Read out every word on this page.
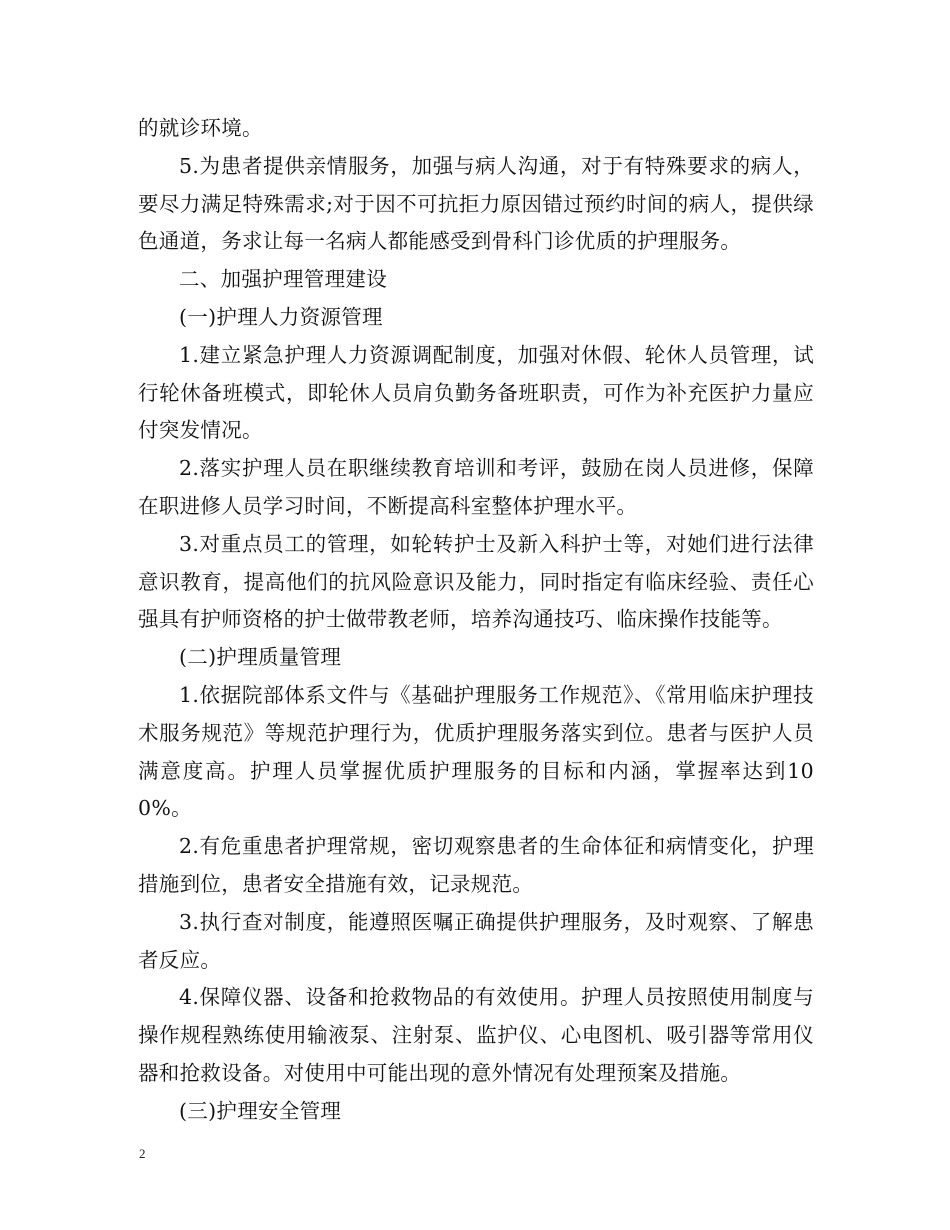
的就诊环境。

5.为患者提供亲情服务，加强与病人沟通，对于有特殊要求的病人，要尽力满足特殊需求;对于因不可抗拒力原因错过预约时间的病人，提供绿色通道，务求让每一名病人都能感受到骨科门诊优质的护理服务。

二、加强护理管理建设

(一)护理人力资源管理

1.建立紧急护理人力资源调配制度，加强对休假、轮休人员管理，试行轮休备班模式，即轮休人员肩负勤务备班职责，可作为补充医护力量应付突发情况。

2.落实护理人员在职继续教育培训和考评，鼓励在岗人员进修，保障在职进修人员学习时间，不断提高科室整体护理水平。

3.对重点员工的管理，如轮转护士及新入科护士等，对她们进行法律意识教育，提高他们的抗风险意识及能力，同时指定有临床经验、责任心强具有护师资格的护士做带教老师，培养沟通技巧、临床操作技能等。

(二)护理质量管理

1.依据院部体系文件与《基础护理服务工作规范》、《常用临床护理技术服务规范》等规范护理行为，优质护理服务落实到位。患者与医护人员满意度高。护理人员掌握优质护理服务的目标和内涵，掌握率达到100%。

2.有危重患者护理常规，密切观察患者的生命体征和病情变化，护理措施到位，患者安全措施有效，记录规范。

3.执行查对制度，能遵照医嘱正确提供护理服务，及时观察、了解患者反应。

4.保障仪器、设备和抢救物品的有效使用。护理人员按照使用制度与操作规程熟练使用输液泵、注射泵、监护仪、心电图机、吸引器等常用仪器和抢救设备。对使用中可能出现的意外情况有处理预案及措施。

(三)护理安全管理

2
